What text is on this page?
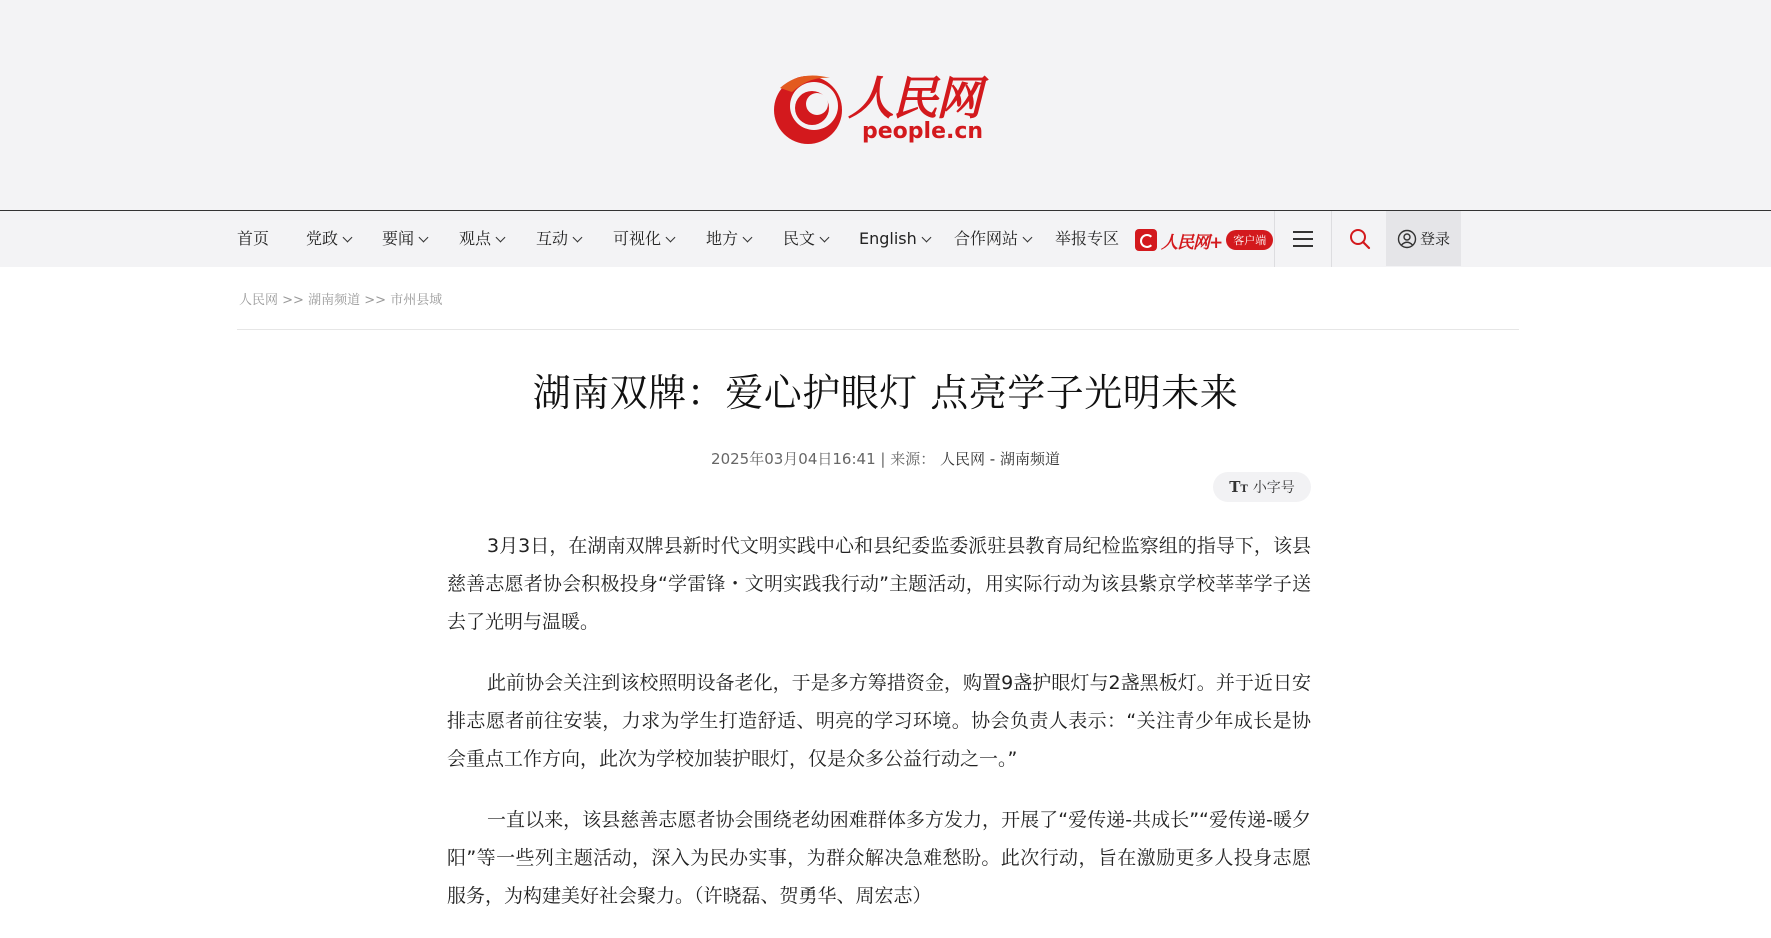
人民网
people.cn
首页 党政	要闻	观点	互动	可视化	地方	民文	English	合作网站	举报专区 人民网+	客户端	登录
人民网 >> 湖南频道 >> 市州县域
湖南双牌：爱心护眼灯 点亮学子光明未来
2025年03月04日16:41 | 来源： 人民网 - 湖南频道
TT 小字号

3月3日，在湖南双牌县新时代文明实践中心和县纪委监委派驻县教育局纪检监察组的指导下，该县慈善志愿者协会积极投身“学雷锋・文明实践我行动”主题活动，用实际行动为该县紫京学校莘莘学子送去了光明与温暖。

此前协会关注到该校照明设备老化，于是多方筹措资金，购置9盏护眼灯与2盏黑板灯。并于近日安排志愿者前往安装，力求为学生打造舒适、明亮的学习环境。协会负责人表示：“关注青少年成长是协会重点工作方向，此次为学校加装护眼灯，仅是众多公益行动之一。”

一直以来，该县慈善志愿者协会围绕老幼困难群体多方发力，开展了“爱传递-共成长”“爱传递-暖夕阳”等一些列主题活动，深入为民办实事，为群众解决急难愁盼。此次行动，旨在激励更多人投身志愿服务，为构建美好社会聚力。（许晓磊、贺勇华、周宏志）
